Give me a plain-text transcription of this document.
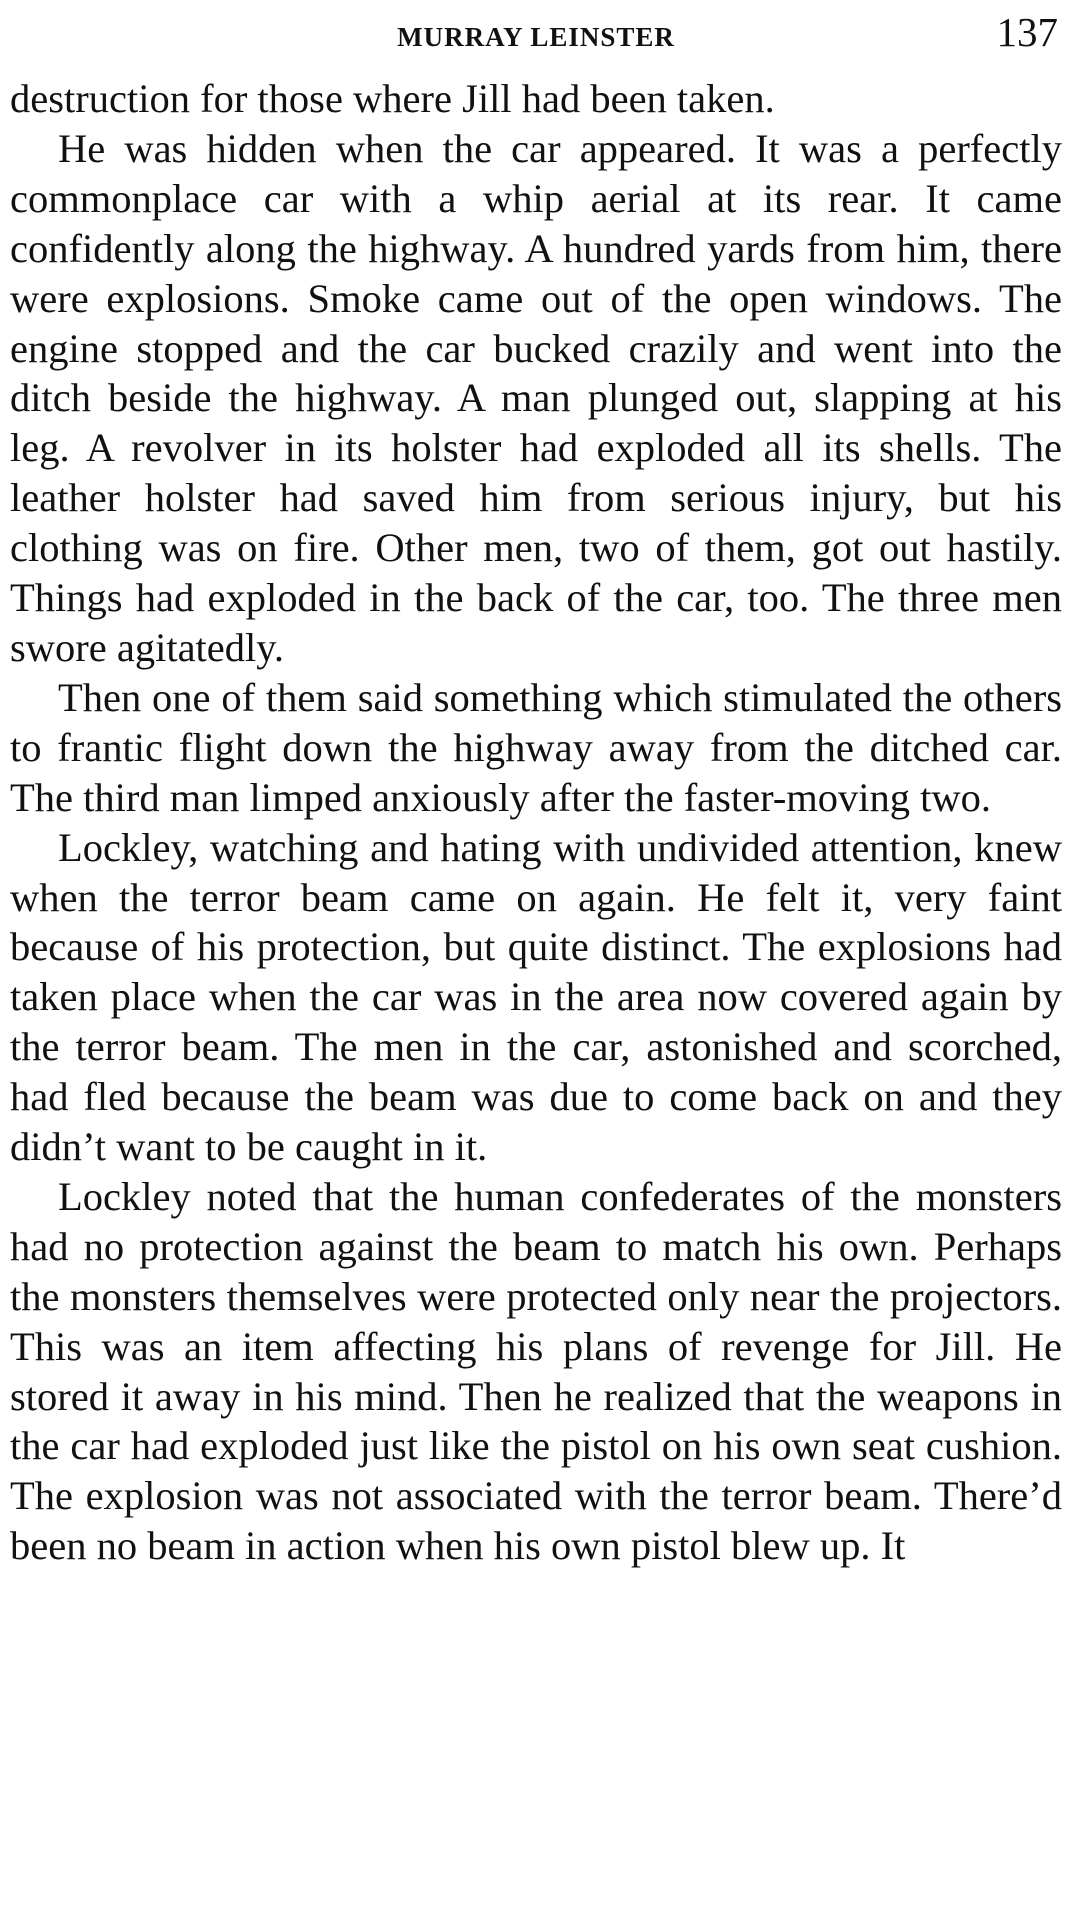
MURRAY LEINSTER	137

destruction for those where Jill had been taken.

He was hidden when the car appeared. It was a perfectly commonplace car with a whip aerial at its rear. It came confidently along the highway. A hundred yards from him, there were explosions. Smoke came out of the open windows. The engine stopped and the car bucked crazily and went into the ditch beside the highway. A man plunged out, slapping at his leg. A revolver in its holster had exploded all its shells. The leather holster had saved him from serious injury, but his clothing was on fire. Other men, two of them, got out hastily. Things had exploded in the back of the car, too. The three men swore agitatedly.

Then one of them said something which stimulated the others to frantic flight down the highway away from the ditched car. The third man limped anxiously after the faster-moving two.

Lockley, watching and hating with undivided attention, knew when the terror beam came on again. He felt it, very faint because of his protection, but quite distinct. The explosions had taken place when the car was in the area now covered again by the terror beam. The men in the car, astonished and scorched, had fled because the beam was due to come back on and they didn’t want to be caught in it.

Lockley noted that the human confederates of the monsters had no protection against the beam to match his own. Perhaps the monsters themselves were protected only near the projectors. This was an item affecting his plans of revenge for Jill. He stored it away in his mind. Then he realized that the weapons in the car had exploded just like the pistol on his own seat cushion. The explosion was not associated with the terror beam. There’d been no beam in action when his own pistol blew up. It
